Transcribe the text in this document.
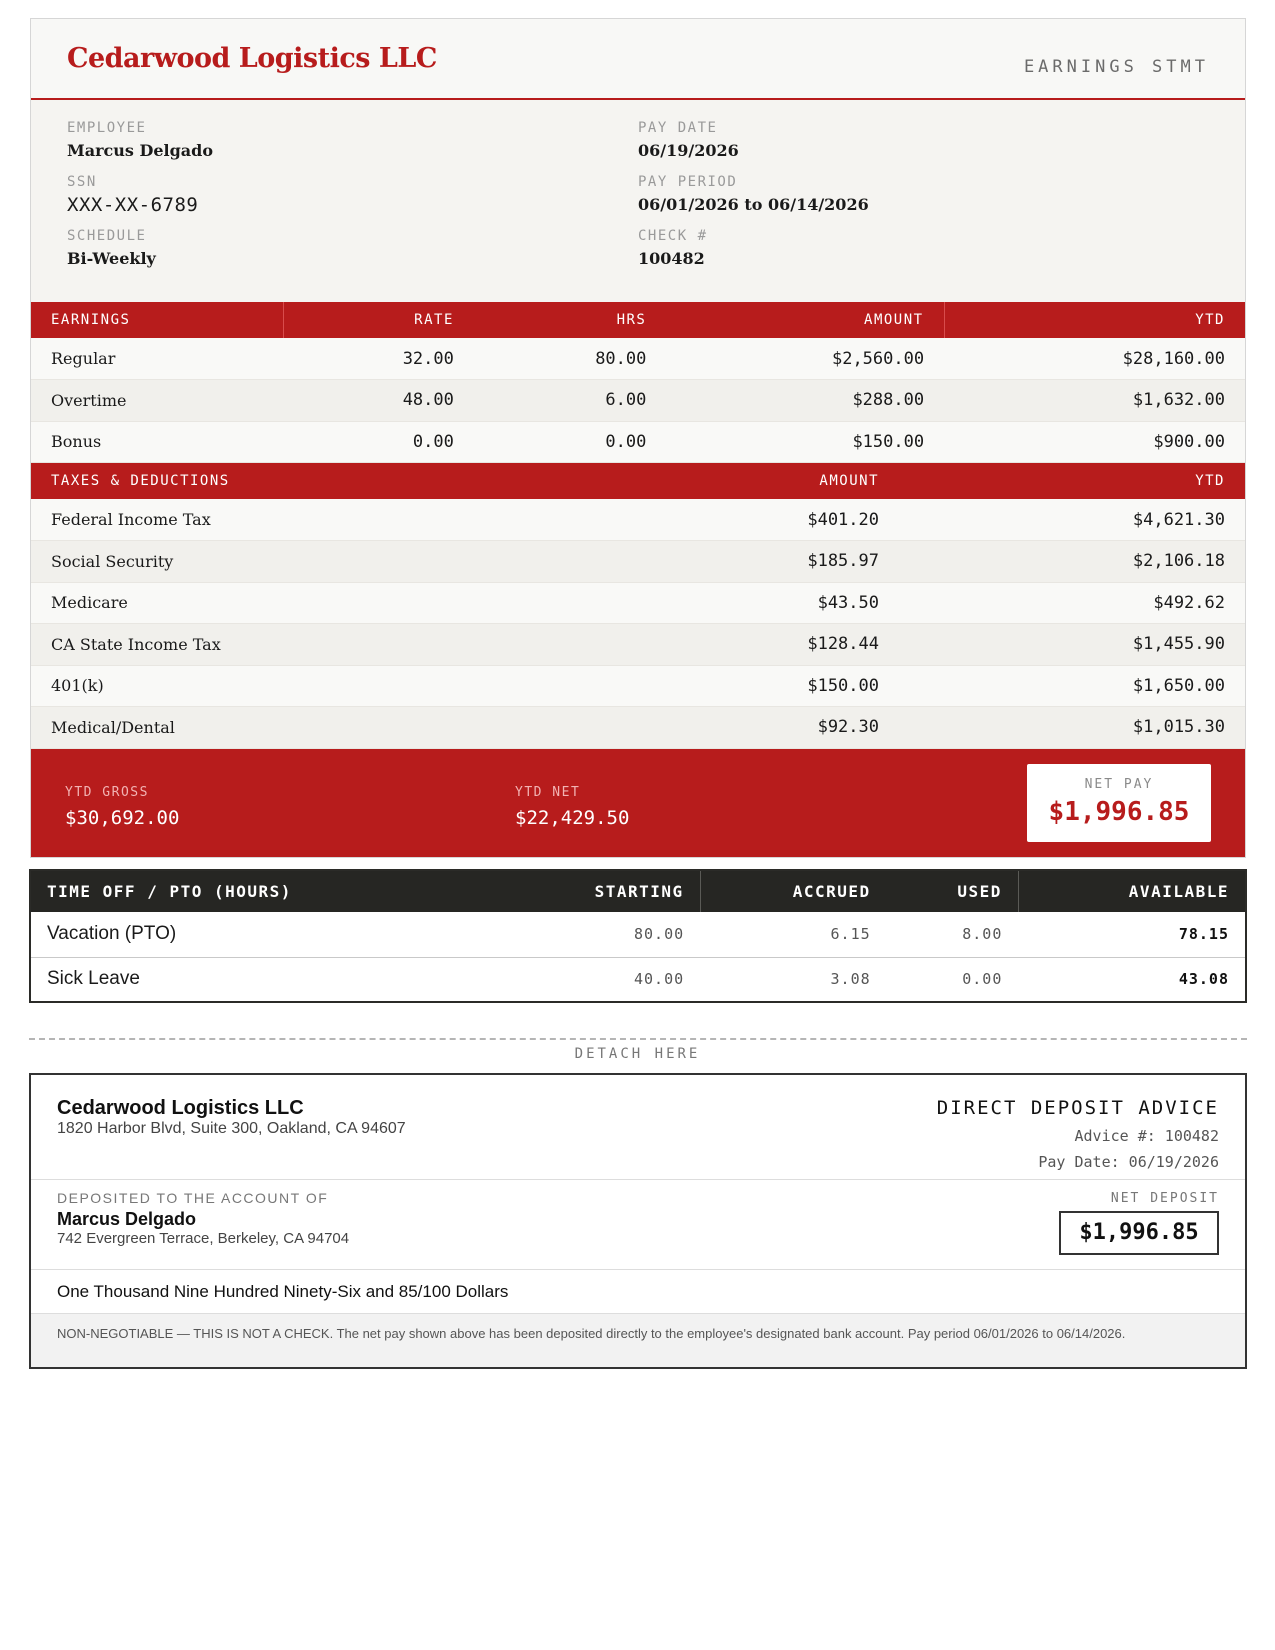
Cedarwood Logistics LLC	EARNINGS STMT
EMPLOYEE
Marcus Delgado
SSN
XXX-XX-6789
SCHEDULE
Bi-Weekly
PAY DATE
06/19/2026
PAY PERIOD
06/01/2026 to 06/14/2026
CHECK #
100482
EARNINGS	RATE	HRS	AMOUNT	YTD
Regular	32.00	80.00	$2,560.00	$28,160.00
Overtime	48.00	6.00	$288.00	$1,632.00
Bonus	0.00	0.00	$150.00	$900.00
TAXES & DEDUCTIONS	AMOUNT	YTD
Federal Income Tax	$401.20	$4,621.30
Social Security	$185.97	$2,106.18
Medicare	$43.50	$492.62
CA State Income Tax	$128.44	$1,455.90
401(k)	$150.00	$1,650.00
Medical/Dental	$92.30	$1,015.30
YTD GROSS
$30,692.00
YTD NET
$22,429.50
NET PAY
$1,996.85
TIME OFF / PTO (HOURS)	STARTING	ACCRUED	USED	AVAILABLE
Vacation (PTO)	80.00	6.15	8.00	78.15
Sick Leave	40.00	3.08	0.00	43.08
DETACH HERE
Cedarwood Logistics LLC
1820 Harbor Blvd, Suite 300, Oakland, CA 94607
DIRECT DEPOSIT ADVICE
Advice #: 100482
Pay Date: 06/19/2026
DEPOSITED TO THE ACCOUNT OF
Marcus Delgado
742 Evergreen Terrace, Berkeley, CA 94704
NET DEPOSIT
$1,996.85
One Thousand Nine Hundred Ninety-Six and 85/100 Dollars
NON-NEGOTIABLE — THIS IS NOT A CHECK. The net pay shown above has been deposited directly to the employee's designated bank account. Pay period 06/01/2026 to 06/14/2026.
